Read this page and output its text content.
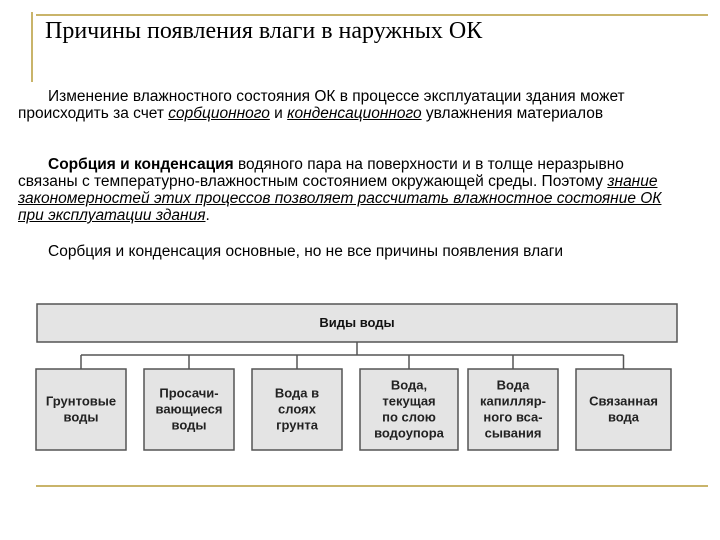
Причины появления влаги в наружных ОК
Изменение влажностного состояния ОК в процессе эксплуатации здания может происходить за счет сорбционного и конденсационного увлажнения материалов
Сорбция и конденсация водяного пара на поверхности и в толще неразрывно связаны с температурно-влажностным состоянием окружающей среды. Поэтому знание закономерностей этих процессов позволяет рассчитать влажностное состояние ОК при эксплуатации здания.
Сорбция и конденсация основные, но не все причины появления влаги
Виды воды
Грунтовые
воды
Просачи-
вающиеся
воды
Вода в
слоях
грунта
Вода,
текущая
по слою
водоупора
Вода
капилляр-
ного вса-
сывания
Связанная
вода
